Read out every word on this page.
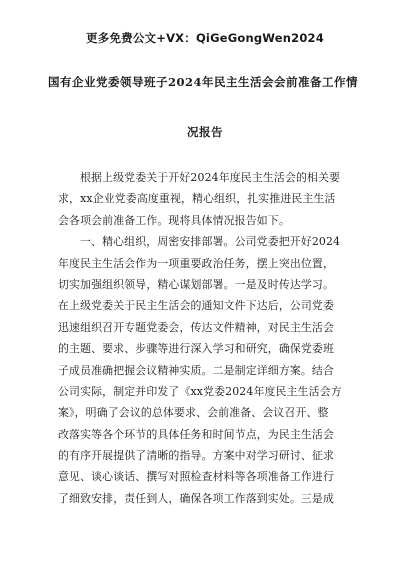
更多免费公文+VX：QiGeGongWen2024
国有企业党委领导班子2024年民主生活会会前准备工作情
况报告
根据上级党委关于开好2024年度民主生活会的相关要
求，xx企业党委高度重视，精心组织，扎实推进民主生活
会各项会前准备工作。现将具体情况报告如下。
一、精心组织，周密安排部署。公司党委把开好2024
年度民主生活会作为一项重要政治任务，摆上突出位置，
切实加强组织领导，精心谋划部署。一是及时传达学习。
在上级党委关于民主生活会的通知文件下达后，公司党委
迅速组织召开专题党委会，传达文件精神，对民主生活会
的主题、要求、步骤等进行深入学习和研究，确保党委班
子成员准确把握会议精神实质。二是制定详细方案。结合
公司实际，制定并印发了《xx党委2024年度民主生活会方
案》，明确了会议的总体要求、会前准备、会议召开、整
改落实等各个环节的具体任务和时间节点，为民主生活会
的有序开展提供了清晰的指导。方案中对学习研讨、征求
意见、谈心谈话、撰写对照检查材料等各项准备工作进行
了细致安排，责任到人，确保各项工作落到实处。三是成
